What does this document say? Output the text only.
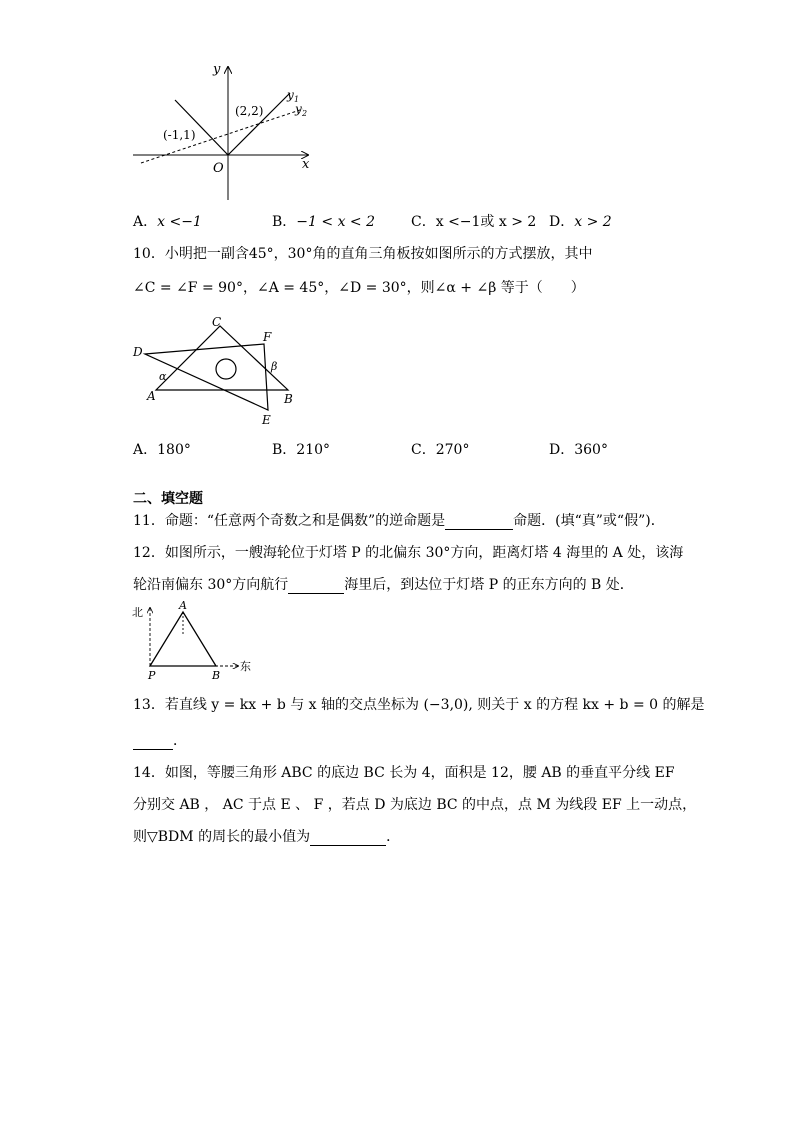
y
x
O
y 1
y 2
(2,2)
(-1,1)
A．x <−1	B．−1 < x < 2	C．x <−1或 x > 2 D．x > 2
10．小明把一副含45°，30°角的直角三角板按如图所示的方式摆放，其中
∠C = ∠F = 90°，∠A = 45°，∠D = 30°，则∠α + ∠β 等于（　　）
C
F
D
A	B
E
α
β
A．180°	B．210°	C．270°	D．360°
二、填空题
11．命题：“任意两个奇数之和是偶数”的逆命题是	命题．(填“真”或“假”)．
12．如图所示，一艘海轮位于灯塔 P 的北偏东 30°方向，距离灯塔 4 海里的 A 处，该海
轮沿南偏东 30°方向航行	海里后，到达位于灯塔 P 的正东方向的 B 处．
北
东
A
P	B
13．若直线 y = kx + b 与 x 轴的交点坐标为 (−3,0), 则关于 x 的方程 kx + b = 0 的解是
．
14．如图，等腰三角形 ABC 的底边 BC 长为 4，面积是 12，腰 AB 的垂直平分线 EF
分别交 AB ， AC 于点 E 、 F ，若点 D 为底边 BC 的中点，点 M 为线段 EF 上一动点，
则▽BDM 的周长的最小值为	．
